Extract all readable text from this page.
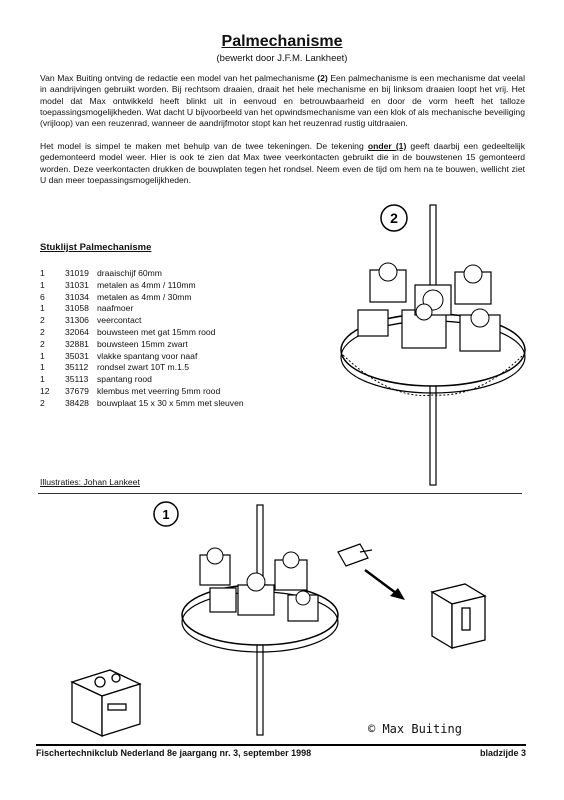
Palmechanisme
(bewerkt door J.F.M. Lankheet)
Van Max Buiting ontving de redactie een model van het palmechanisme (2) Een palmechanisme is een mechanisme dat veelal in aandrijvingen gebruikt worden. Bij rechtsom draaien, draait het hele mechanisme en bij linksom draaien loopt het vrij. Het model dat Max ontwikkeld heeft blinkt uit in eenvoud en betrouwbaarheid en door de vorm heeft het talloze toepassingsmogelijkheden. Wat dacht U bijvoorbeeld van het opwindsmechanisme van een klok of als mechanische beveiliging (vrijloop) van een reuzenrad, wanneer de aandrijfmotor stopt kan het reuzenrad rustig uitdraaien.
Het model is simpel te maken met behulp van de twee tekeningen. De tekening onder (1) geeft daarbij een gedeeltelijk gedemonteerd model weer. Hier is ook te zien dat Max twee veerkontacten gebruikt die in de bouwstenen 15 gemonteerd worden. Deze veerkontacten drukken de bouwplaten tegen het rondsel. Neem even de tijd om hem na te bouwen, wellicht ziet U dan meer toepassingsmogelijkheden.
Stuklijst Palmechanisme
1	31019 draaischijf 60mm
1	31031 metalen as 4mm / 110mm
6	31034 metalen as 4mm / 30mm
1	31058 naafmoer
2	31306 veercontact
2	32064 bouwsteen met gat 15mm rood
2	32881 bouwsteen 15mm zwart
1	35031 vlakke spantang voor naaf
1	35112	rondsel zwart 10T m.1.5
1	35113	spantang rood
12	37679 klembus met veerring 5mm rood
2	38428 bouwplaat 15 x 30 x 5mm met sleuven
Illustraties: Johan Lankeet
2
1
© Max Buiting
Fischertechnikclub Nederland 8e jaargang nr. 3, september 1998	bladzijde 3
